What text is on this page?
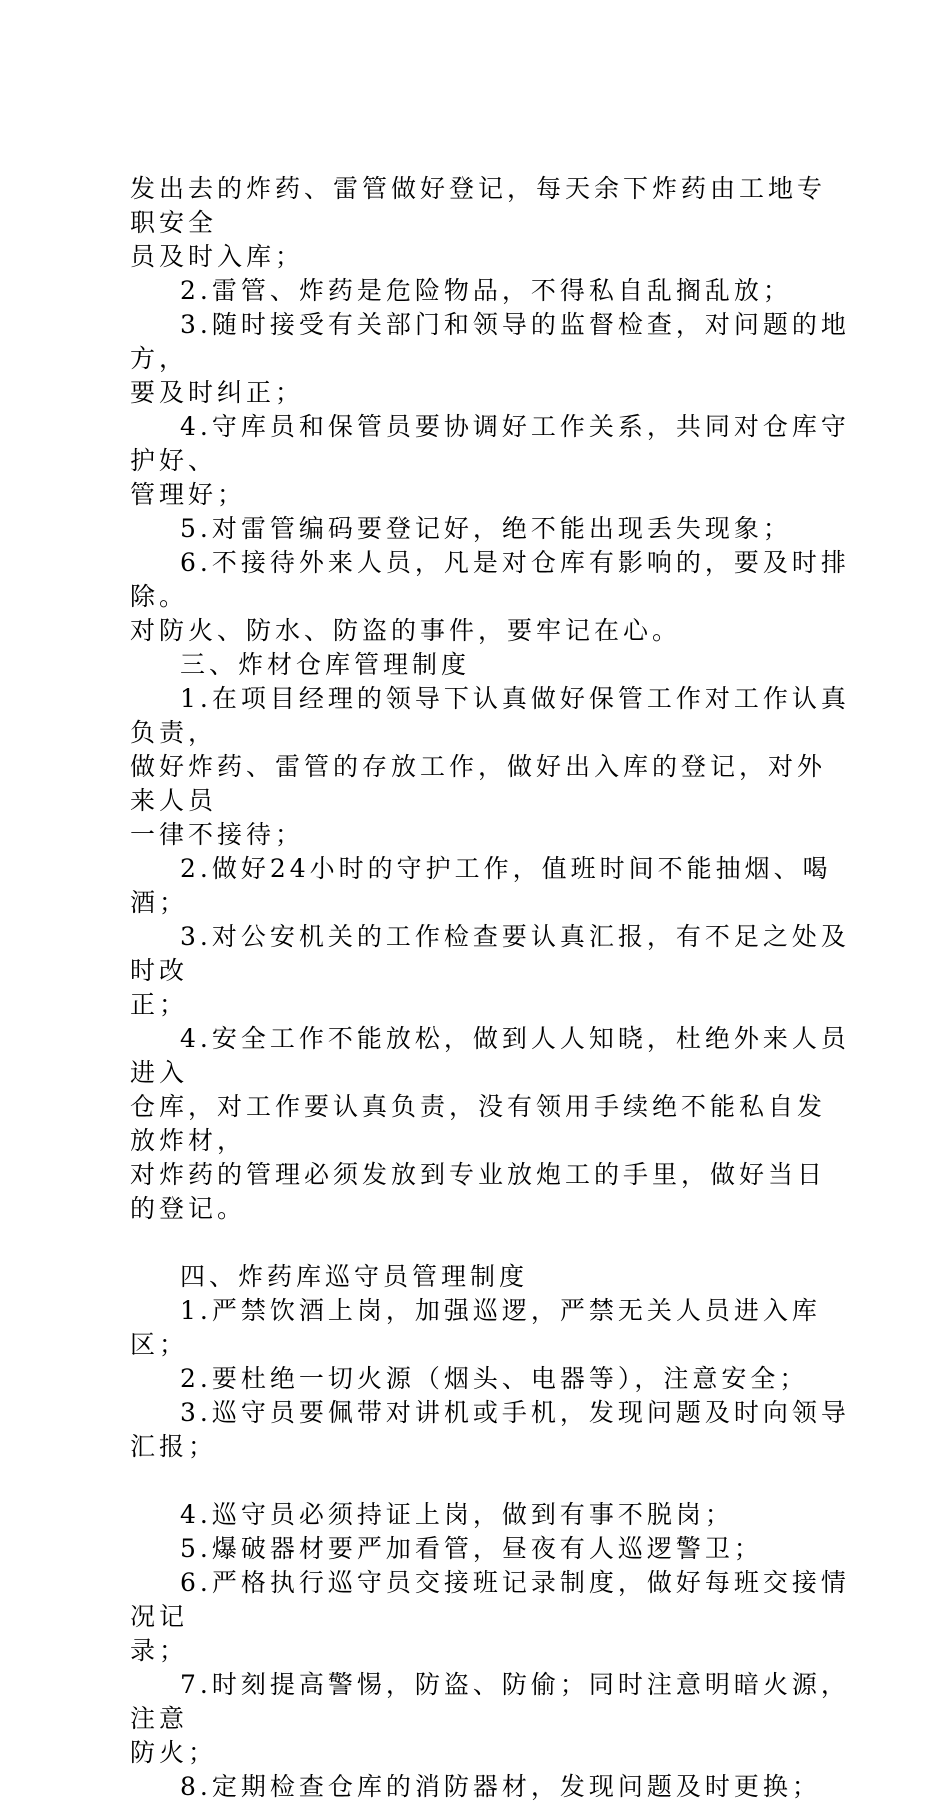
发出去的炸药、雷管做好登记，每天余下炸药由工地专职安全
员及时入库；
2.雷管、炸药是危险物品，不得私自乱搁乱放；
3.随时接受有关部门和领导的监督检查，对问题的地方，
要及时纠正；
4.守库员和保管员要协调好工作关系，共同对仓库守护好、
管理好；
5.对雷管编码要登记好，绝不能出现丢失现象；
6.不接待外来人员，凡是对仓库有影响的，要及时排除。
对防火、防水、防盗的事件，要牢记在心。
三、炸材仓库管理制度
1.在项目经理的领导下认真做好保管工作对工作认真负责，
做好炸药、雷管的存放工作，做好出入库的登记，对外来人员
一律不接待；
2.做好24小时的守护工作，值班时间不能抽烟、喝酒；
3.对公安机关的工作检查要认真汇报，有不足之处及时改
正；
4.安全工作不能放松，做到人人知晓，杜绝外来人员进入
仓库，对工作要认真负责，没有领用手续绝不能私自发放炸材，
对炸药的管理必须发放到专业放炮工的手里，做好当日的登记。
四、炸药库巡守员管理制度
1.严禁饮酒上岗，加强巡逻，严禁无关人员进入库区；
2.要杜绝一切火源（烟头、电器等），注意安全；
3.巡守员要佩带对讲机或手机，发现问题及时向领导汇报；
4.巡守员必须持证上岗，做到有事不脱岗；
5.爆破器材要严加看管，昼夜有人巡逻警卫；
6.严格执行巡守员交接班记录制度，做好每班交接情况记
录；
7.时刻提高警惕，防盗、防偷；同时注意明暗火源，注意
防火；
8.定期检查仓库的消防器材，发现问题及时更换；
